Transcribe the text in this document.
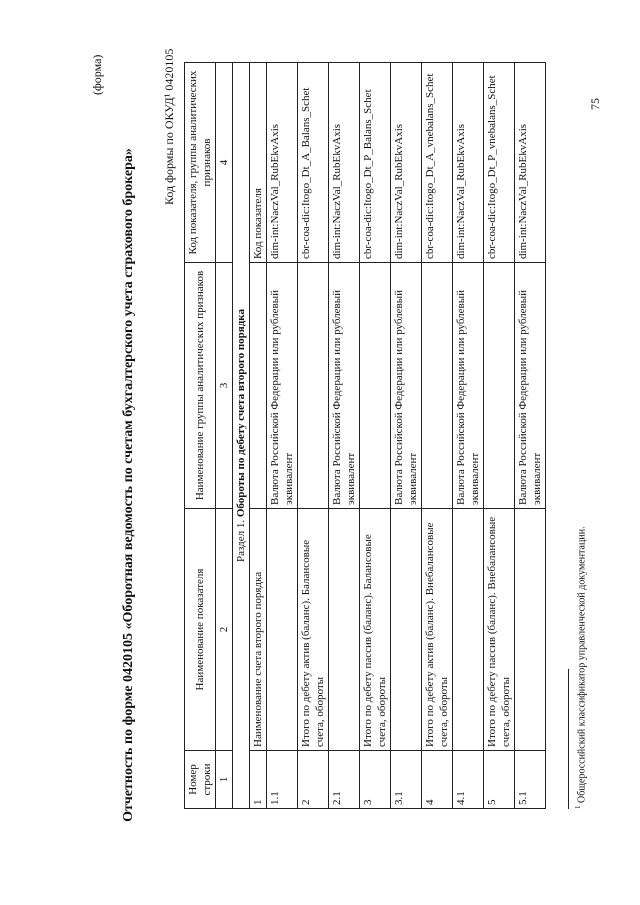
(форма)
Отчетность по форме 0420105 «Оборотная ведомость по счетам бухгалтерского учета страхового брокера»
Код формы по ОКУД¹ 0420105
Номер строки	Наименование показателя	Наименование группы аналитических признаков	Код показателя, группы аналитических признаков
1	2	3	4
Раздел 1. Обороты по дебету счета второго порядка			
1	Наименование счета второго порядка		Код показателя
1.1		Валюта Российской Федерации или рублевый эквивалент	dim-int:NaczVal_RubEkvAxis
2	Итого по дебету актив (баланс). Балансовые счета, обороты		cbr-coa-dic:Itogo_Dt_A_Balans_Schet
2.1		Валюта Российской Федерации или рублевый эквивалент	dim-int:NaczVal_RubEkvAxis
3	Итого по дебету пассив (баланс). Балансовые счета, обороты		cbr-coa-dic:Itogo_Dt_P_Balans_Schet
3.1		Валюта Российской Федерации или рублевый эквивалент	dim-int:NaczVal_RubEkvAxis
4	Итого по дебету актив (баланс). Внебалансовые счета, обороты		cbr-coa-dic:Itogo_Dt_A_vnebalans_Schet
4.1		Валюта Российской Федерации или рублевый эквивалент	dim-int:NaczVal_RubEkvAxis
5	Итого по дебету пассив (баланс). Внебалансовые счета, обороты		cbr-coa-dic:Itogo_Dt_P_vnebalans_Schet
5.1		Валюта Российской Федерации или рублевый эквивалент	dim-int:NaczVal_RubEkvAxis
$^1$ Общероссийский классификатор управленческой документации.
75
